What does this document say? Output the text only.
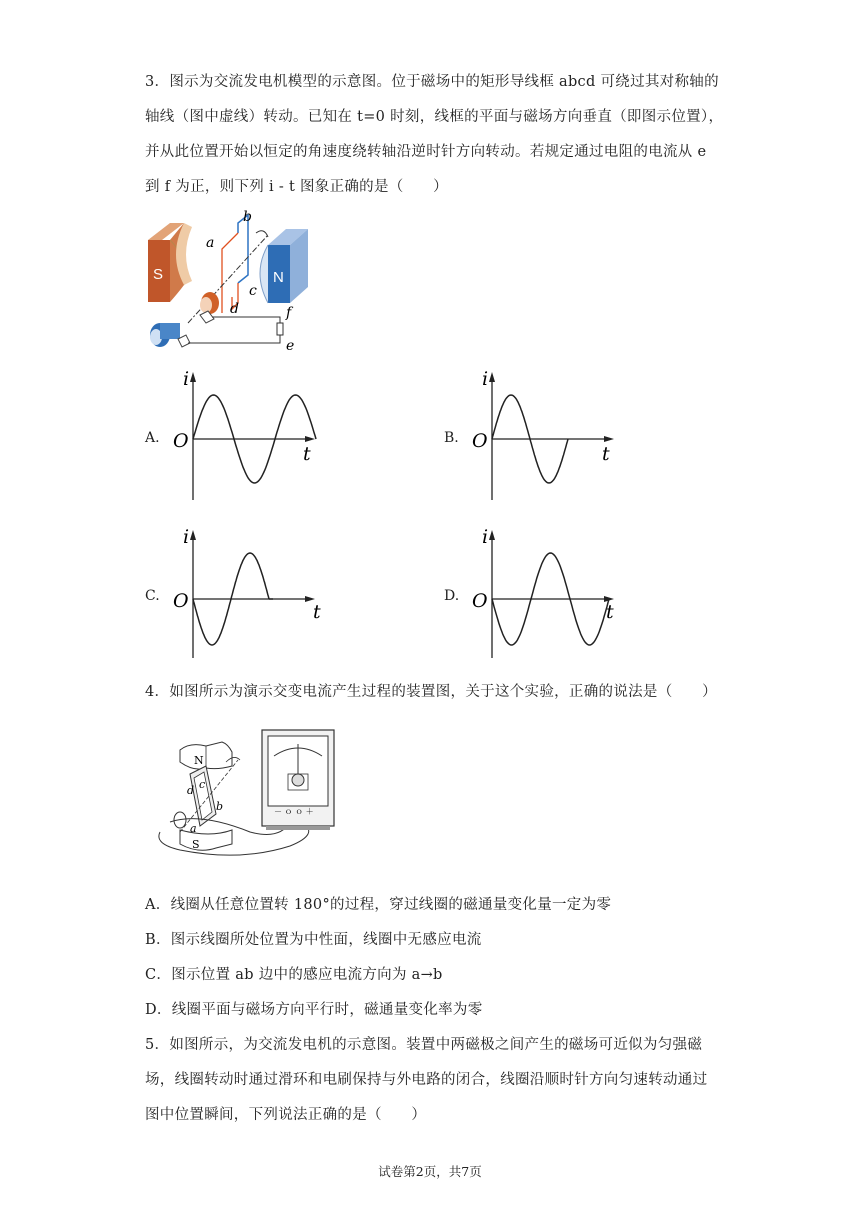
3．图示为交流发电机模型的示意图。位于磁场中的矩形导线框 abcd 可绕过其对称轴的
轴线（图中虚线）转动。已知在 t=0 时刻，线框的平面与磁场方向垂直（即图示位置），
并从此位置开始以恒定的角速度绕转轴沿逆时针方向转动。若规定通过电阻的电流从 e
到 f 为正，则下列 i - t 图象正确的是（　　）
S	N
b
a
c
d	f
e
A.	B.
C.	D.
i
O
t
i
O
t
i
O	t
i
O	t
4．如图所示为演示交变电流产生过程的装置图，关于这个实验，正确的说法是（　　）
N
S
d c
b
a
－ ｏ ｏ ＋
A．线圈从任意位置转 180°的过程，穿过线圈的磁通量变化量一定为零
B．图示线圈所处位置为中性面，线圈中无感应电流
C．图示位置 ab 边中的感应电流方向为 a→b
D．线圈平面与磁场方向平行时，磁通量变化率为零
5．如图所示，为交流发电机的示意图。装置中两磁极之间产生的磁场可近似为匀强磁
场，线圈转动时通过滑环和电刷保持与外电路的闭合，线圈沿顺时针方向匀速转动通过
图中位置瞬间，下列说法正确的是（　　）
试卷第2页，共7页
